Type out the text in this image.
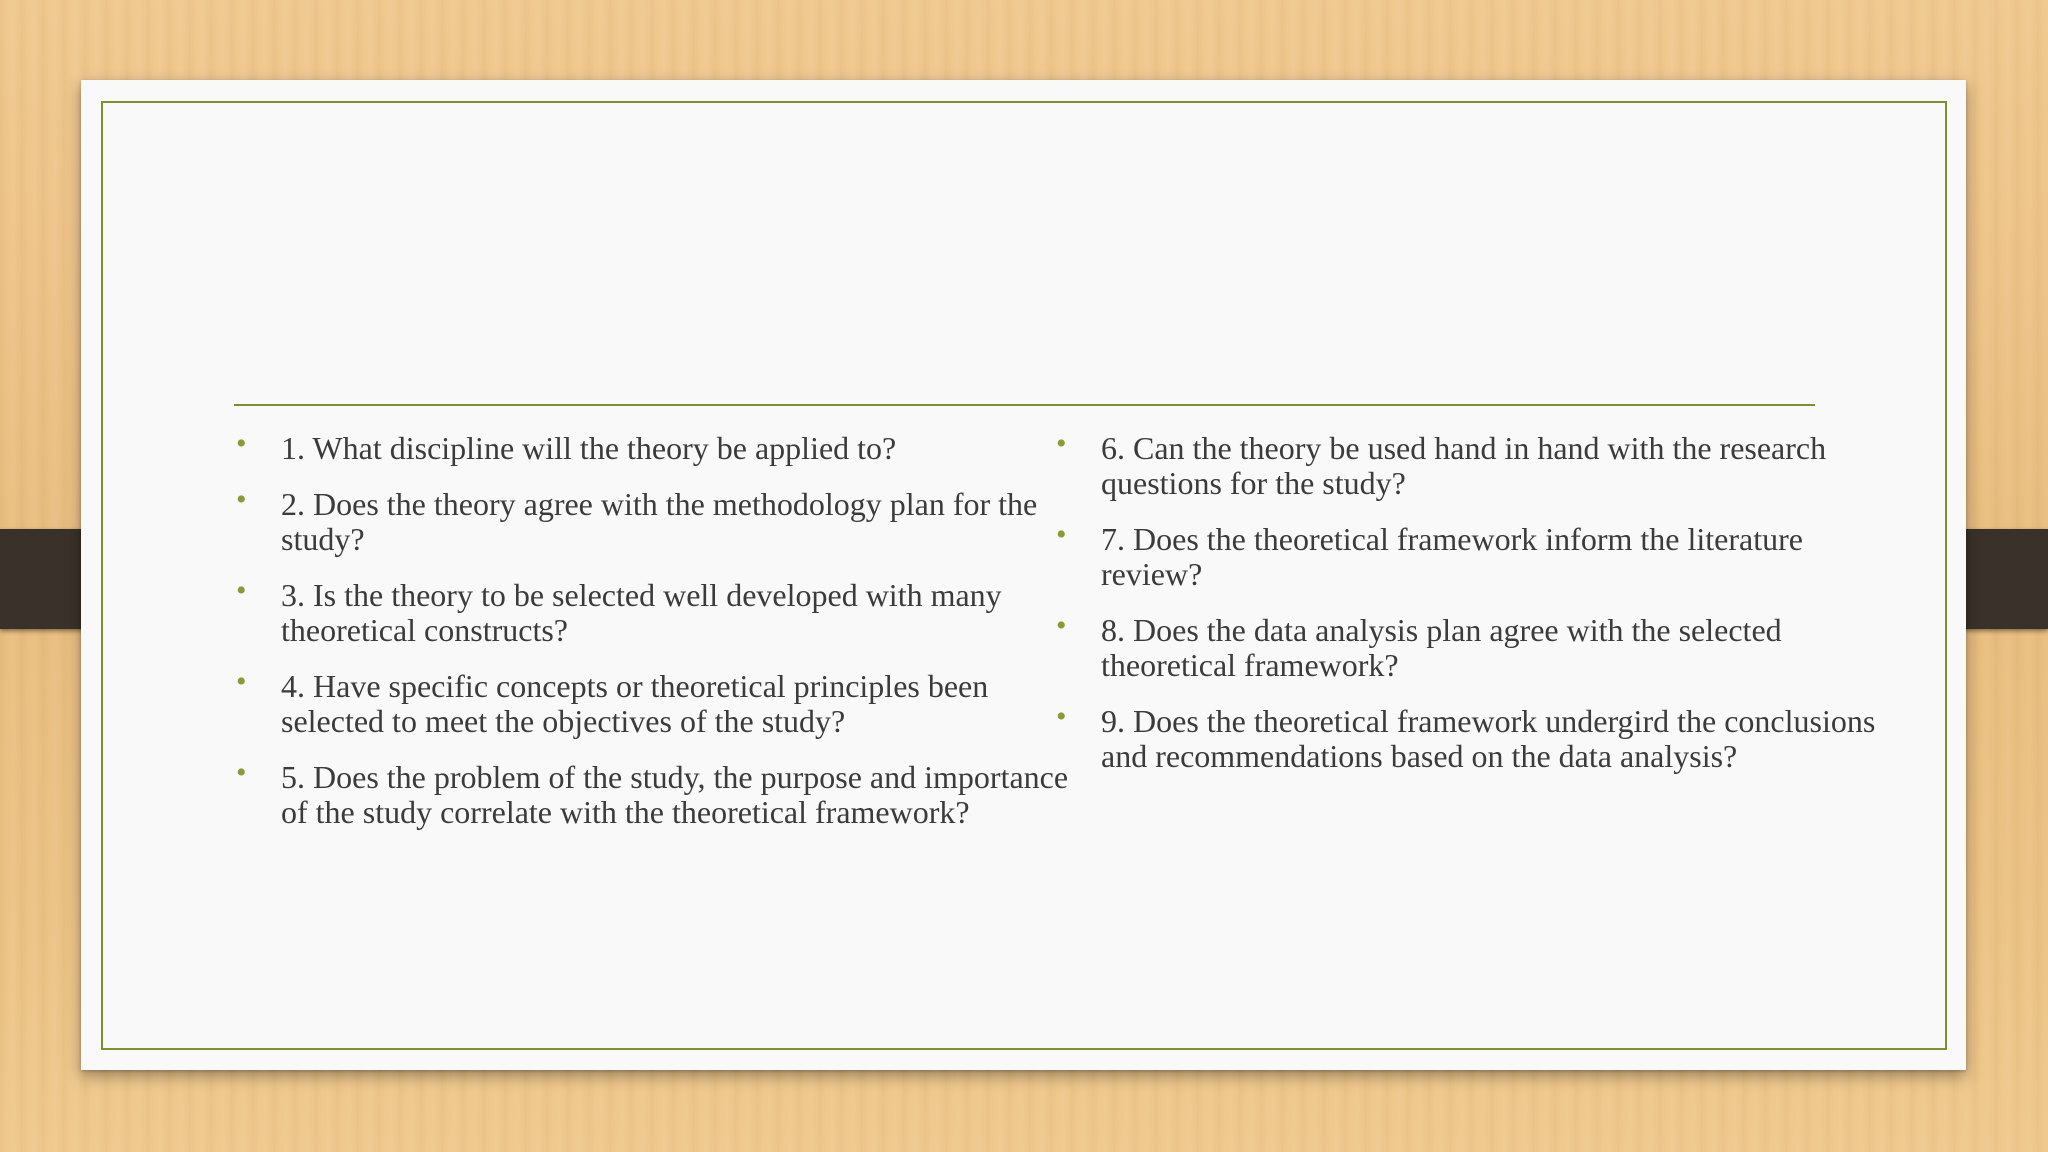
• 1. What discipline will the theory be applied to?
• 2. Does the theory agree with the methodology plan for the study?
• 3. Is the theory to be selected well developed with many theoretical constructs?
• 4. Have specific concepts or theoretical principles been selected to meet the objectives of the study?
• 5. Does the problem of the study, the purpose and importance of the study correlate with the theoretical framework?
• 6. Can the theory be used hand in hand with the research questions for the study?
• 7. Does the theoretical framework inform the literature review?
• 8. Does the data analysis plan agree with the selected theoretical framework?
• 9. Does the theoretical framework undergird the conclusions and recommendations based on the data analysis?
